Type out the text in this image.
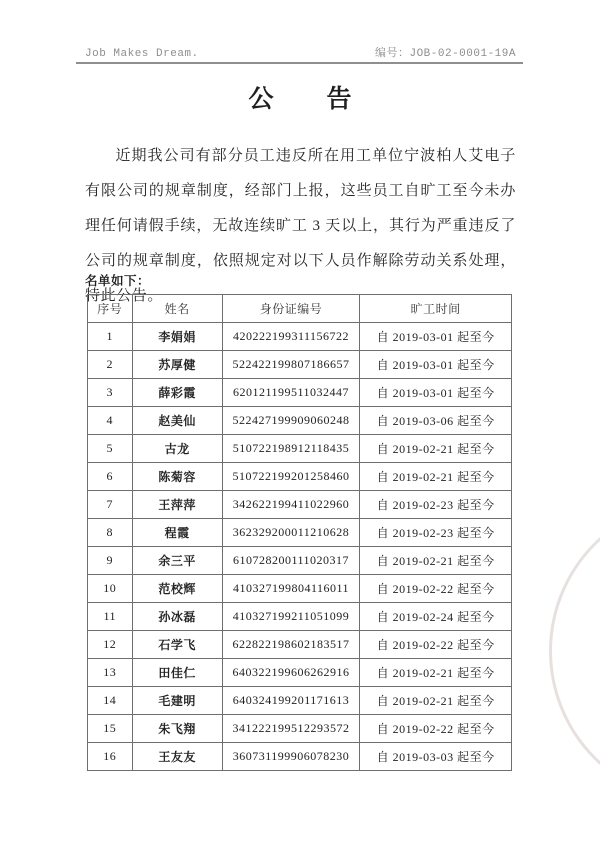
Job Makes Dream.	编号：JOB-02-0001-19A
公　告

近期我公司有部分员工违反所在用工单位宁波柏人艾电子有限公司的规章制度，经部门上报，这些员工自旷工至今未办理任何请假手续，无故连续旷工 3 天以上，其行为严重违反了公司的规章制度，依照规定对以下人员作解除劳动关系处理，特此公告。

名单如下：
序号	姓名	身份证编号	旷工时间
1	李娟娟	420222199311156722	自 2019-03-01 起至今
2	苏厚健	522422199807186657	自 2019-03-01 起至今
3	薛彩霞	620121199511032447	自 2019-03-01 起至今
4	赵美仙	522427199909060248	自 2019-03-06 起至今
5	古龙	510722198912118435	自 2019-02-21 起至今
6	陈菊容	510722199201258460	自 2019-02-21 起至今
7	王萍萍	342622199411022960	自 2019-02-23 起至今
8	程霞	362329200011210628	自 2019-02-23 起至今
9	余三平	610728200111020317	自 2019-02-21 起至今
10	范校辉	410327199804116011	自 2019-02-22 起至今
11	孙冰磊	410327199211051099	自 2019-02-24 起至今
12	石学飞	622822198602183517	自 2019-02-22 起至今
13	田佳仁	640322199606262916	自 2019-02-21 起至今
14	毛建明	640324199201171613	自 2019-02-21 起至今
15	朱飞翔	341222199512293572	自 2019-02-22 起至今
16	王友友	360731199906078230	自 2019-03-03 起至今
